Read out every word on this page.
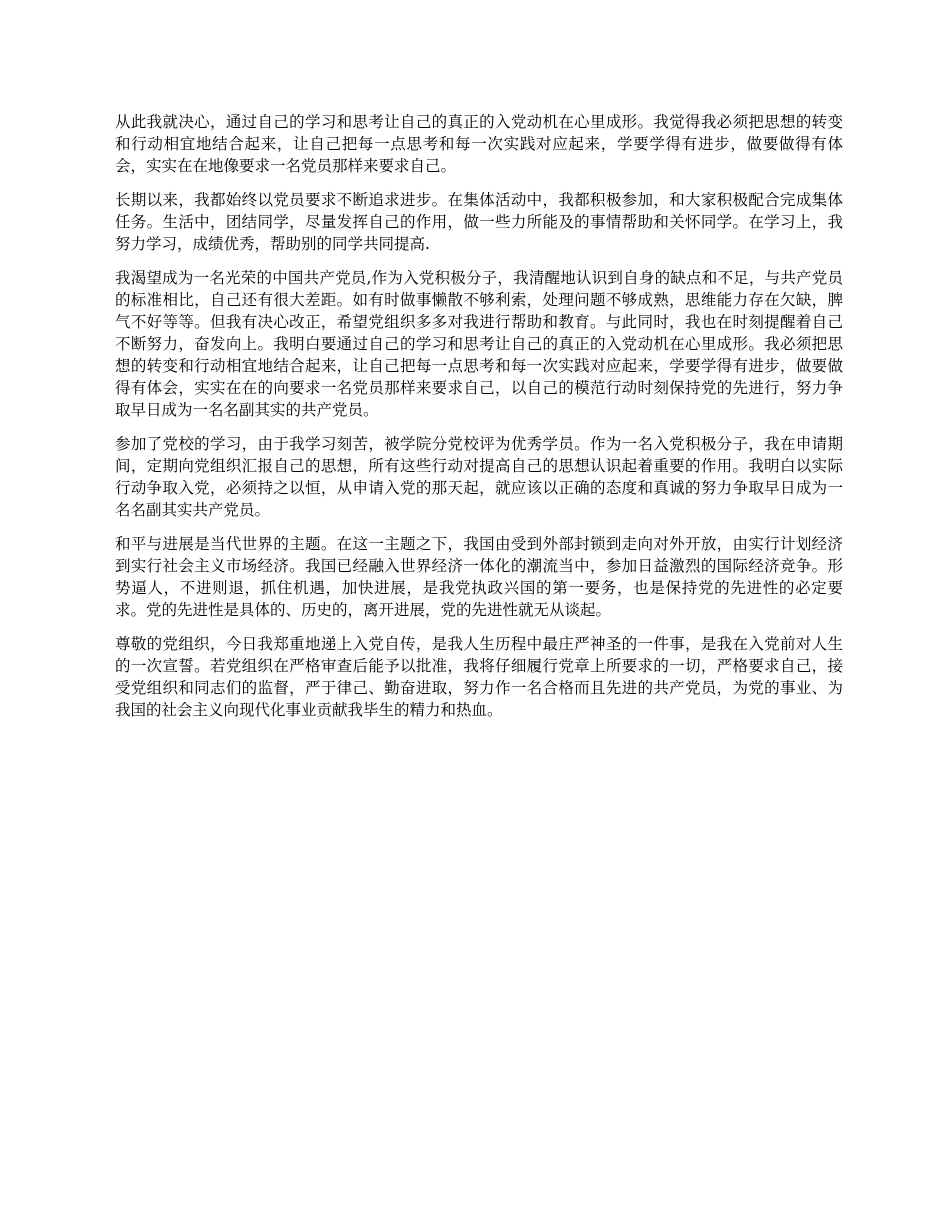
从此我就决心，通过自己的学习和思考让自己的真正的入党动机在心里成形。我觉得我必须把思想的转变和行动相宜地结合起来，让自己把每一点思考和每一次实践对应起来，学要学得有进步，做要做得有体会，实实在在地像要求一名党员那样来要求自己。

长期以来，我都始终以党员要求不断追求进步。在集体活动中，我都积极参加，和大家积极配合完成集体任务。生活中，团结同学，尽量发挥自己的作用，做一些力所能及的事情帮助和关怀同学。在学习上，我努力学习，成绩优秀，帮助别的同学共同提高.

我渴望成为一名光荣的中国共产党员,作为入党积极分子，我清醒地认识到自身的缺点和不足，与共产党员的标准相比，自己还有很大差距。如有时做事懒散不够利索，处理问题不够成熟，思维能力存在欠缺，脾气不好等等。但我有决心改正，希望党组织多多对我进行帮助和教育。与此同时，我也在时刻提醒着自己不断努力，奋发向上。我明白要通过自己的学习和思考让自己的真正的入党动机在心里成形。我必须把思想的转变和行动相宜地结合起来，让自己把每一点思考和每一次实践对应起来，学要学得有进步，做要做得有体会，实实在在的向要求一名党员那样来要求自己，以自己的模范行动时刻保持党的先进行，努力争取早日成为一名名副其实的共产党员。

参加了党校的学习，由于我学习刻苦，被学院分党校评为优秀学员。作为一名入党积极分子，我在申请期间，定期向党组织汇报自己的思想，所有这些行动对提高自己的思想认识起着重要的作用。我明白以实际行动争取入党，必须持之以恒，从申请入党的那天起，就应该以正确的态度和真诚的努力争取早日成为一名名副其实共产党员。

和平与进展是当代世界的主题。在这一主题之下，我国由受到外部封锁到走向对外开放，由实行计划经济到实行社会主义市场经济。我国已经融入世界经济一体化的潮流当中，参加日益激烈的国际经济竞争。形势逼人，不进则退，抓住机遇，加快进展，是我党执政兴国的第一要务，也是保持党的先进性的必定要求。党的先进性是具体的、历史的，离开进展，党的先进性就无从谈起。

尊敬的党组织，今日我郑重地递上入党自传，是我人生历程中最庄严神圣的一件事，是我在入党前对人生的一次宣誓。若党组织在严格审查后能予以批准，我将仔细履行党章上所要求的一切，严格要求自己，接受党组织和同志们的监督，严于律己、勤奋进取，努力作一名合格而且先进的共产党员，为党的事业、为我国的社会主义向现代化事业贡献我毕生的精力和热血。
